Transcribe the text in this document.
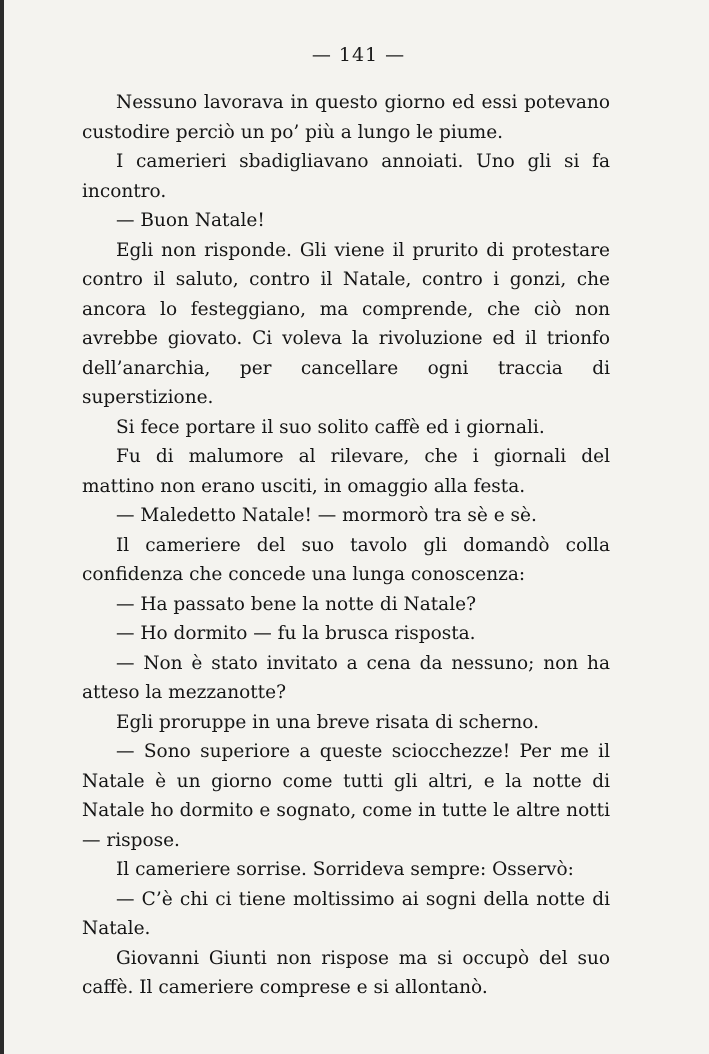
— 141 —

Nessuno lavorava in questo giorno ed essi potevano custodire perciò un po’ più a lungo le piume.

I camerieri sbadigliavano annoiati. Uno gli si fa incontro.

— Buon Natale!

Egli non risponde. Gli viene il prurito di protestare contro il saluto, contro il Natale, contro i gonzi, che ancora lo festeggiano, ma comprende, che ciò non avrebbe giovato. Ci voleva la rivoluzione ed il trionfo dell’anarchia, per cancellare ogni traccia di superstizione.

Si fece portare il suo solito caffè ed i giornali.

Fu di malumore al rilevare, che i giornali del mattino non erano usciti, in omaggio alla festa.

— Maledetto Natale! — mormorò tra sè e sè.

Il cameriere del suo tavolo gli domandò colla confidenza che concede una lunga conoscenza:

— Ha passato bene la notte di Natale?

— Ho dormito — fu la brusca risposta.

— Non è stato invitato a cena da nessuno; non ha atteso la mezzanotte?

Egli proruppe in una breve risata di scherno.

— Sono superiore a queste sciocchezze! Per me il Natale è un giorno come tutti gli altri, e la notte di Natale ho dormito e sognato, come in tutte le altre notti — rispose.

Il cameriere sorrise. Sorrideva sempre: Osservò:

— C’è chi ci tiene moltissimo ai sogni della notte di Natale.

Giovanni Giunti non rispose ma si occupò del suo caffè. Il cameriere comprese e si allontanò.
